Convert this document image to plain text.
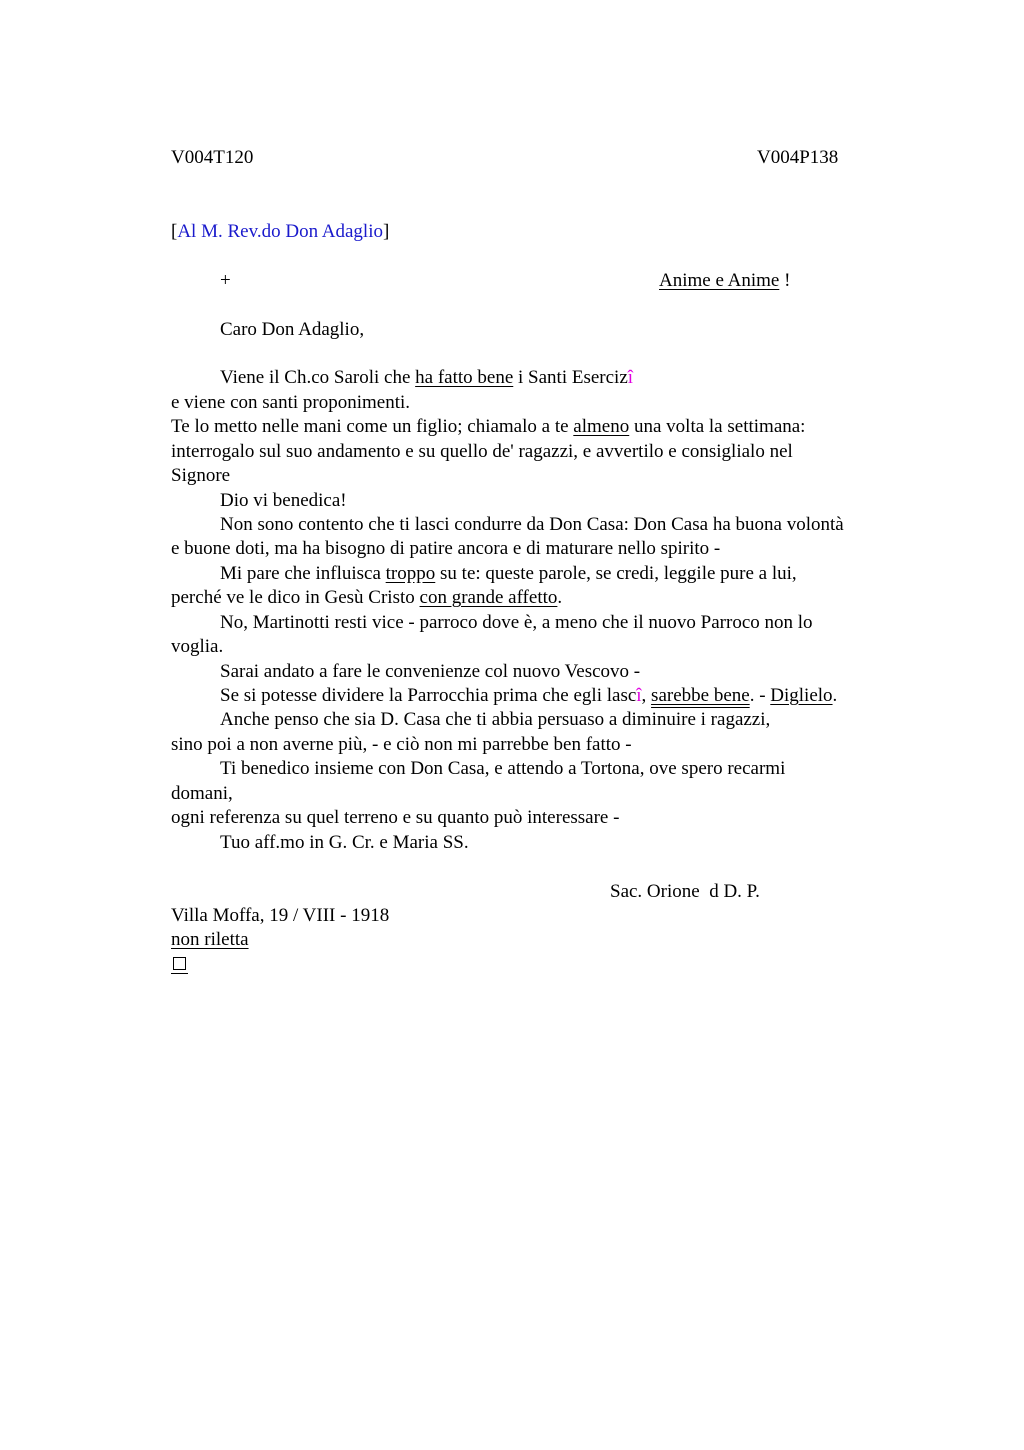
V004T120	V004P138
[Al M. Rev.do Don Adaglio]
+	Anime e Anime !
Caro Don Adaglio,
Viene il Ch.co Saroli che ha fatto bene i Santi Esercizî
e viene con santi proponimenti.
Te lo metto nelle mani come un figlio; chiamalo a te almeno una volta la settimana:
interrogalo sul suo andamento e su quello de' ragazzi, e avvertilo e consiglialo nel
Signore
Dio vi benedica!
Non sono contento che ti lasci condurre da Don Casa: Don Casa ha buona volontà
e buone doti, ma ha bisogno di patire ancora e di maturare nello spirito -
Mi pare che influisca troppo su te: queste parole, se credi, leggile pure a lui,
perché ve le dico in Gesù Cristo con grande affetto.
No, Martinotti resti vice - parroco dove è, a meno che il nuovo Parroco non lo
voglia.
Sarai andato a fare le convenienze col nuovo Vescovo -
Se si potesse dividere la Parrocchia prima che egli lascî, sarebbe bene. - Diglielo.
Anche penso che sia D. Casa che ti abbia persuaso a diminuire i ragazzi,
sino poi a non averne più, - e ciò non mi parrebbe ben fatto -
Ti benedico insieme con Don Casa, e attendo a Tortona, ove spero recarmi
domani,
ogni referenza su quel terreno e su quanto può interessare -
Tuo aff.mo in G. Cr. e Maria SS.
Sac. Orione  d D. P.
Villa Moffa, 19 / VIII - 1918
non riletta
